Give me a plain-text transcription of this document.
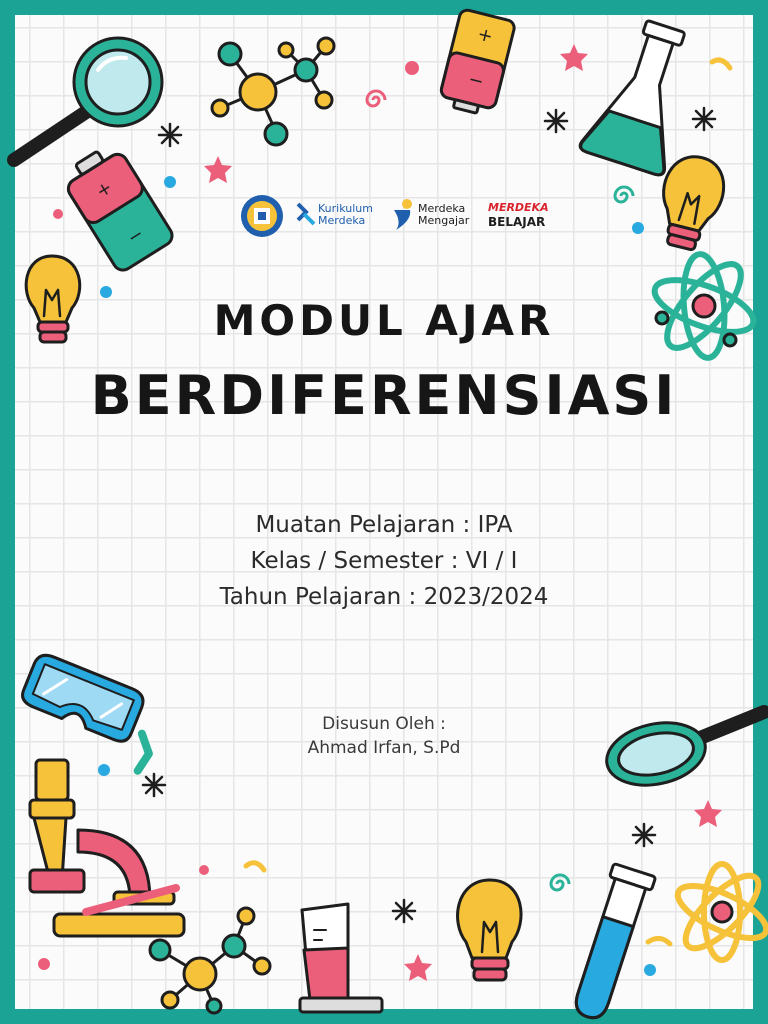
+
−
+
−
Kurikulum
Merdeka
Merdeka
Mengajar
MERDEKA
BELAJAR
MODUL AJAR
BERDIFERENSIASI
Muatan Pelajaran : IPA
Kelas / Semester : VI / I
Tahun Pelajaran : 2023/2024
Disusun Oleh :
Ahmad Irfan, S.Pd
